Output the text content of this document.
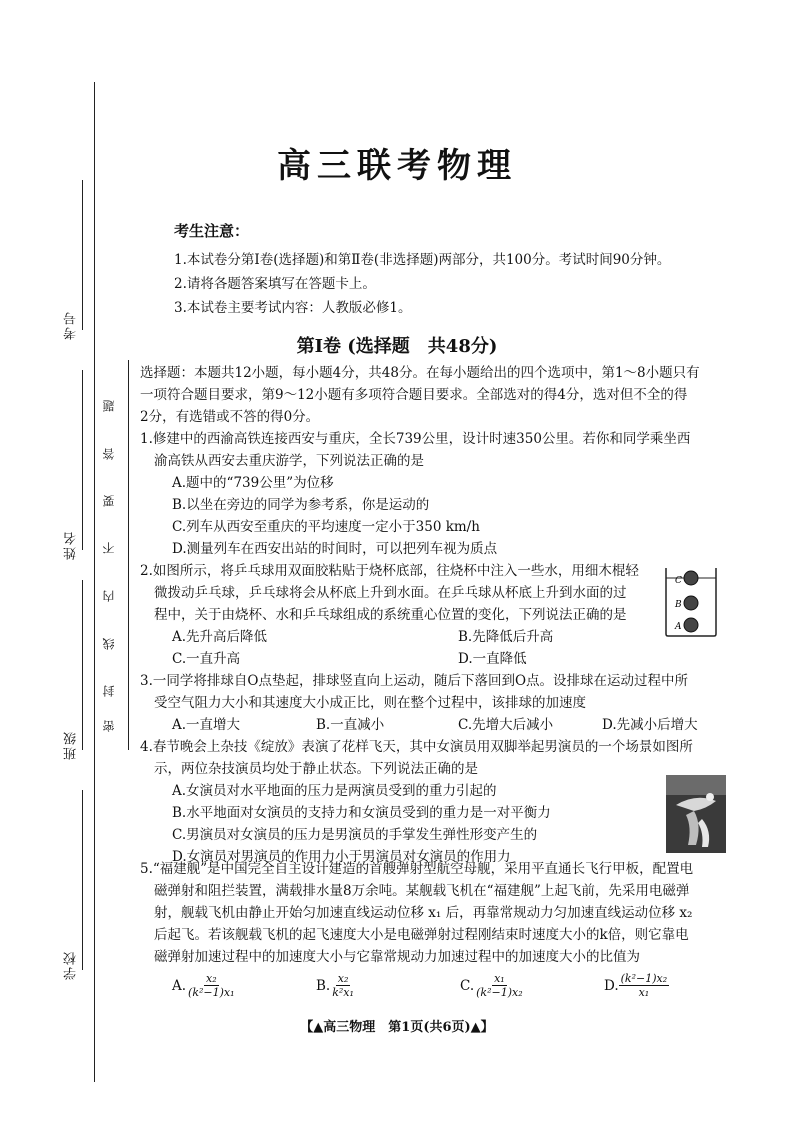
考号
姓名
班级
学校
题
答
要
不
内
线
封
密
高三联考物理
考生注意：
1.本试卷分第Ⅰ卷(选择题)和第Ⅱ卷(非选择题)两部分，共100分。考试时间90分钟。
2.请将各题答案填写在答题卡上。
3.本试卷主要考试内容：人教版必修1。
第Ⅰ卷 (选择题　共48分)
选择题：本题共12小题，每小题4分，共48分。在每小题给出的四个选项中，第1～8小题只有
一项符合题目要求，第9～12小题有多项符合题目要求。全部选对的得4分，选对但不全的得
2分，有选错或不答的得0分。
1.修建中的西渝高铁连接西安与重庆，全长739公里，设计时速350公里。若你和同学乘坐西
渝高铁从西安去重庆游学，下列说法正确的是
A.题中的“739公里”为位移
B.以坐在旁边的同学为参考系，你是运动的
C.列车从西安至重庆的平均速度一定小于350 km/h
D.测量列车在西安出站的时间时，可以把列车视为质点
2.如图所示，将乒乓球用双面胶粘贴于烧杯底部，往烧杯中注入一些水，用细木棍轻
微拨动乒乓球，乒乓球将会从杯底上升到水面。在乒乓球从杯底上升到水面的过
程中，关于由烧杯、水和乒乓球组成的系统重心位置的变化，下列说法正确的是
A.先升高后降低	B.先降低后升高
C.一直升高	D.一直降低
C
B
A
3.一同学将排球自O点垫起，排球竖直向上运动，随后下落回到O点。设排球在运动过程中所
受空气阻力大小和其速度大小成正比，则在整个过程中，该排球的加速度
A.一直增大	B.一直减小	C.先增大后减小	D.先减小后增大
4.春节晚会上杂技《绽放》表演了花样飞天，其中女演员用双脚举起男演员的一个场景如图所
示，两位杂技演员均处于静止状态。下列说法正确的是
A.女演员对水平地面的压力是两演员受到的重力引起的
B.水平地面对女演员的支持力和女演员受到的重力是一对平衡力
C.男演员对女演员的压力是男演员的手掌发生弹性形变产生的
D.女演员对男演员的作用力小于男演员对女演员的作用力
5.“福建舰”是中国完全自主设计建造的首艘弹射型航空母舰，采用平直通长飞行甲板，配置电
磁弹射和阻拦装置，满载排水量8万余吨。某舰载飞机在“福建舰”上起飞前，先采用电磁弹
射，舰载飞机由静止开始匀加速直线运动位移 x₁ 后，再靠常规动力匀加速直线运动位移 x₂
后起飞。若该舰载飞机的起飞速度大小是电磁弹射过程刚结束时速度大小的k倍，则它靠电
磁弹射加速过程中的加速度大小与它靠常规动力加速过程中的加速度大小的比值为
A. $\frac{\text{x₂}}{\text{(k²−1)x₁}}$	B. $\frac{\text{x₂}}{\text{k²x₁}}$	C. $\frac{\text{x₁}}{\text{(k²−1)x₂}}$	D. $\frac{\text{(k²−1)x₂}}{\text{x₁}}$
【▲高三物理　第1页(共6页)▲】
